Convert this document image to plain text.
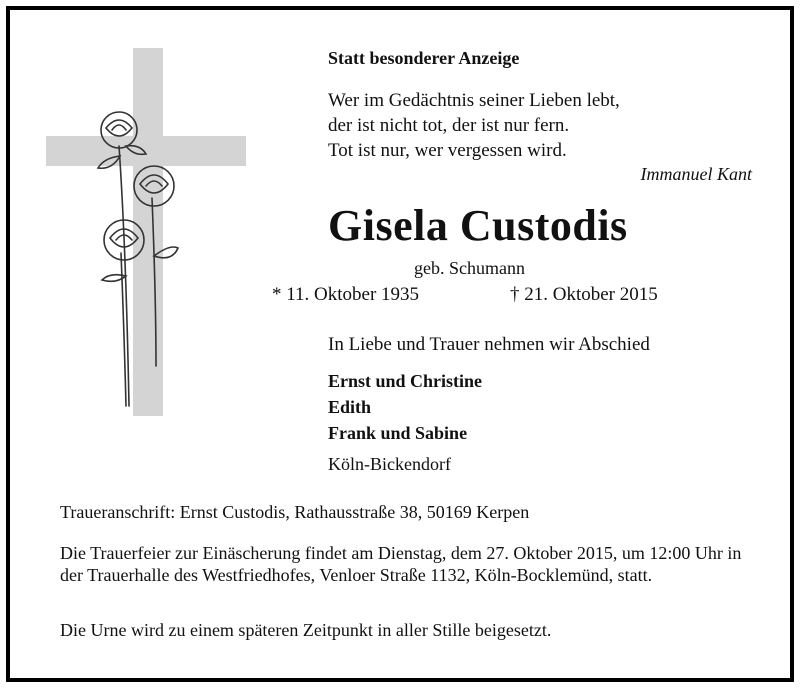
Statt besonderer Anzeige
Wer im Gedächtnis seiner Lieben lebt,
der ist nicht tot, der ist nur fern.
Tot ist nur, wer vergessen wird.
Immanuel Kant
Gisela Custodis
geb. Schumann
* 11. Oktober 1935	† 21. Oktober 2015
In Liebe und Trauer nehmen wir Abschied
Ernst und Christine
Edith
Frank und Sabine
Köln-Bickendorf
Traueranschrift: Ernst Custodis, Rathausstraße 38, 50169 Kerpen
Die Trauerfeier zur Einäscherung findet am Dienstag, dem 27. Oktober 2015, um 12:00 Uhr in der Trauerhalle des Westfriedhofes, Venloer Straße 1132, Köln-Bocklemünd, statt.
Die Urne wird zu einem späteren Zeitpunkt in aller Stille beigesetzt.
